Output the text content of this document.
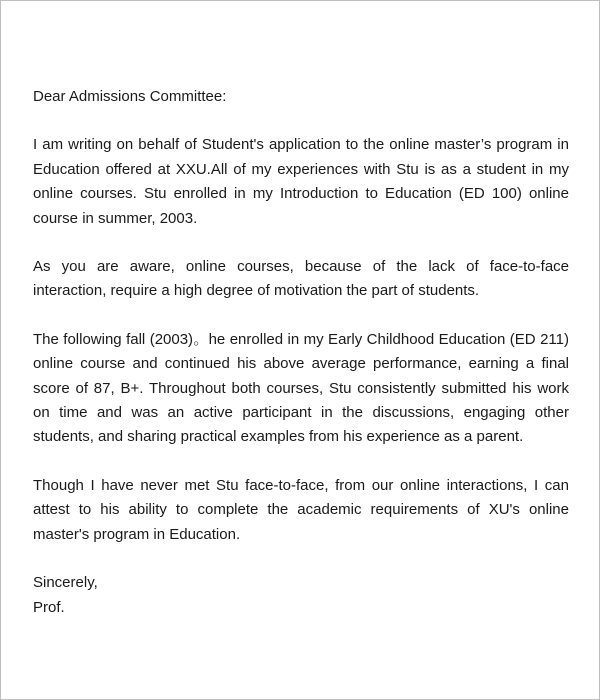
Dear Admissions Committee:

I am writing on behalf of Student's application to the online master’s program in Education offered at XXU.All of my experiences with Stu is as a student in my online courses. Stu enrolled in my Introduction to Education (ED 100) online course in summer, 2003.

As you are aware, online courses, because of the lack of face-to-face interaction, require a high degree of motivation the part of students.

The following fall (2003)。he enrolled in my Early Childhood Education (ED 211) online course and continued his above average performance, earning a final score of 87, B+. Throughout both courses, Stu consistently submitted his work on time and was an active participant in the discussions, engaging other students, and sharing practical examples from his experience as a parent.

Though I have never met Stu face-to-face, from our online interactions, I can attest to his ability to complete the academic requirements of XU's online master's program in Education.

Sincerely,

Prof.
